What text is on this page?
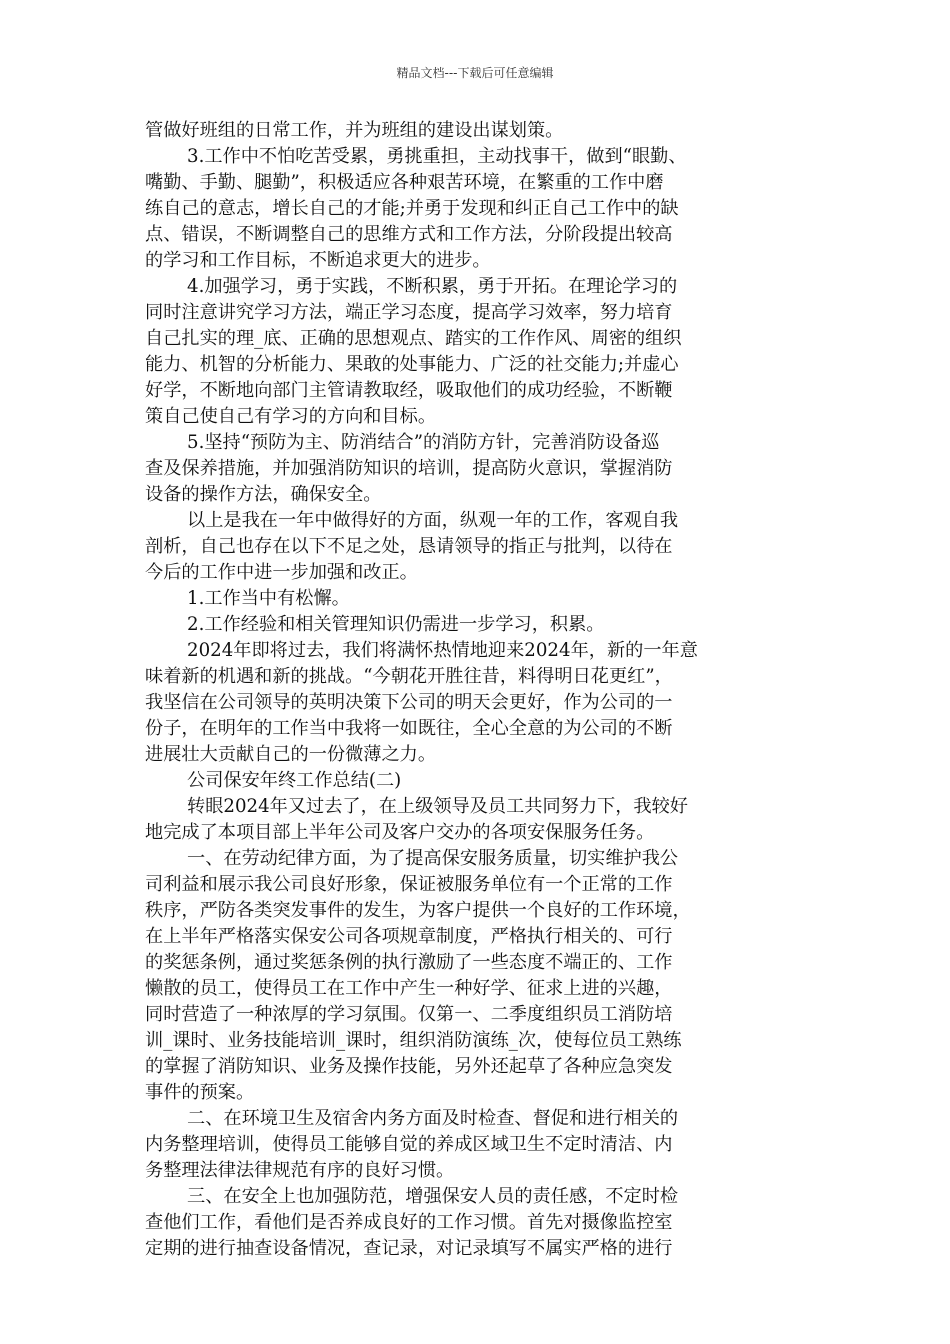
精品文档---下载后可任意编辑
管做好班组的日常工作，并为班组的建设出谋划策。
3.工作中不怕吃苦受累，勇挑重担，主动找事干，做到“眼勤、
嘴勤、手勤、腿勤”，积极适应各种艰苦环境，在繁重的工作中磨
练自己的意志，增长自己的才能;并勇于发现和纠正自己工作中的缺
点、错误，不断调整自己的思维方式和工作方法，分阶段提出较高
的学习和工作目标，不断追求更大的进步。
4.加强学习，勇于实践，不断积累，勇于开拓。在理论学习的
同时注意讲究学习方法，端正学习态度，提高学习效率，努力培育
自己扎实的理_底、正确的思想观点、踏实的工作作风、周密的组织
能力、机智的分析能力、果敢的处事能力、广泛的社交能力;并虚心
好学，不断地向部门主管请教取经，吸取他们的成功经验，不断鞭
策自己使自己有学习的方向和目标。
5.坚持“预防为主、防消结合”的消防方针，完善消防设备巡
查及保养措施，并加强消防知识的培训，提高防火意识，掌握消防
设备的操作方法，确保安全。
以上是我在一年中做得好的方面，纵观一年的工作，客观自我
剖析，自己也存在以下不足之处，恳请领导的指正与批判，以待在
今后的工作中进一步加强和改正。
1.工作当中有松懈。
2.工作经验和相关管理知识仍需进一步学习，积累。
2024年即将过去，我们将满怀热情地迎来2024年，新的一年意
味着新的机遇和新的挑战。“今朝花开胜往昔，料得明日花更红”，
我坚信在公司领导的英明决策下公司的明天会更好，作为公司的一
份子，在明年的工作当中我将一如既往，全心全意的为公司的不断
进展壮大贡献自己的一份微薄之力。
公司保安年终工作总结(二)
转眼2024年又过去了，在上级领导及员工共同努力下，我较好
地完成了本项目部上半年公司及客户交办的各项安保服务任务。
一、在劳动纪律方面，为了提高保安服务质量，切实维护我公
司利益和展示我公司良好形象，保证被服务单位有一个正常的工作
秩序，严防各类突发事件的发生，为客户提供一个良好的工作环境，
在上半年严格落实保安公司各项规章制度，严格执行相关的、可行
的奖惩条例，通过奖惩条例的执行激励了一些态度不端正的、工作
懒散的员工，使得员工在工作中产生一种好学、征求上进的兴趣，
同时营造了一种浓厚的学习氛围。仅第一、二季度组织员工消防培
训_课时、业务技能培训_课时，组织消防演练_次，使每位员工熟练
的掌握了消防知识、业务及操作技能，另外还起草了各种应急突发
事件的预案。
二、在环境卫生及宿舍内务方面及时检查、督促和进行相关的
内务整理培训，使得员工能够自觉的养成区域卫生不定时清洁、内
务整理法律法律规范有序的良好习惯。
三、在安全上也加强防范，增强保安人员的责任感，不定时检
查他们工作，看他们是否养成良好的工作习惯。首先对摄像监控室
定期的进行抽查设备情况，查记录，对记录填写不属实严格的进行
